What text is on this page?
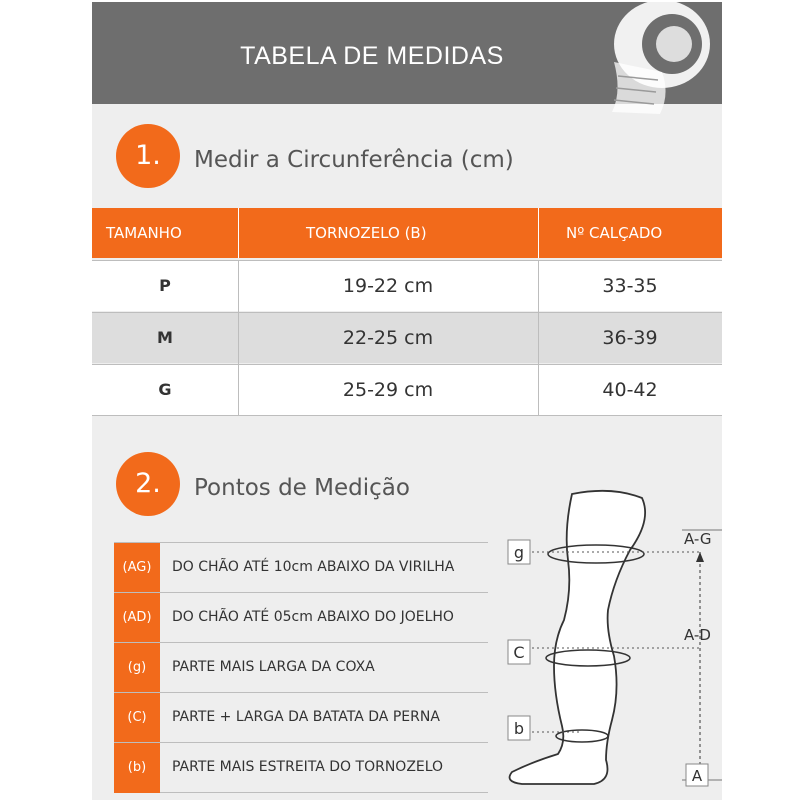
TABELA DE MEDIDAS
1.	Medir a Circunferência (cm)
TAMANHO	TORNOZELO (B)	Nº CALÇADO
P	19-22 cm	33-35
M	22-25 cm	36-39
G	25-29 cm	40-42
2.	Pontos de Medição
(AG)	DO CHÃO ATÉ 10cm ABAIXO DA VIRILHA
(AD)	DO CHÃO ATÉ 05cm ABAIXO DO JOELHO
(g)	PARTE MAIS LARGA DA COXA
(C)	PARTE + LARGA DA BATATA DA PERNA
(b)	PARTE MAIS ESTREITA DO TORNOZELO
g
C
b
A-G
A-D
A
